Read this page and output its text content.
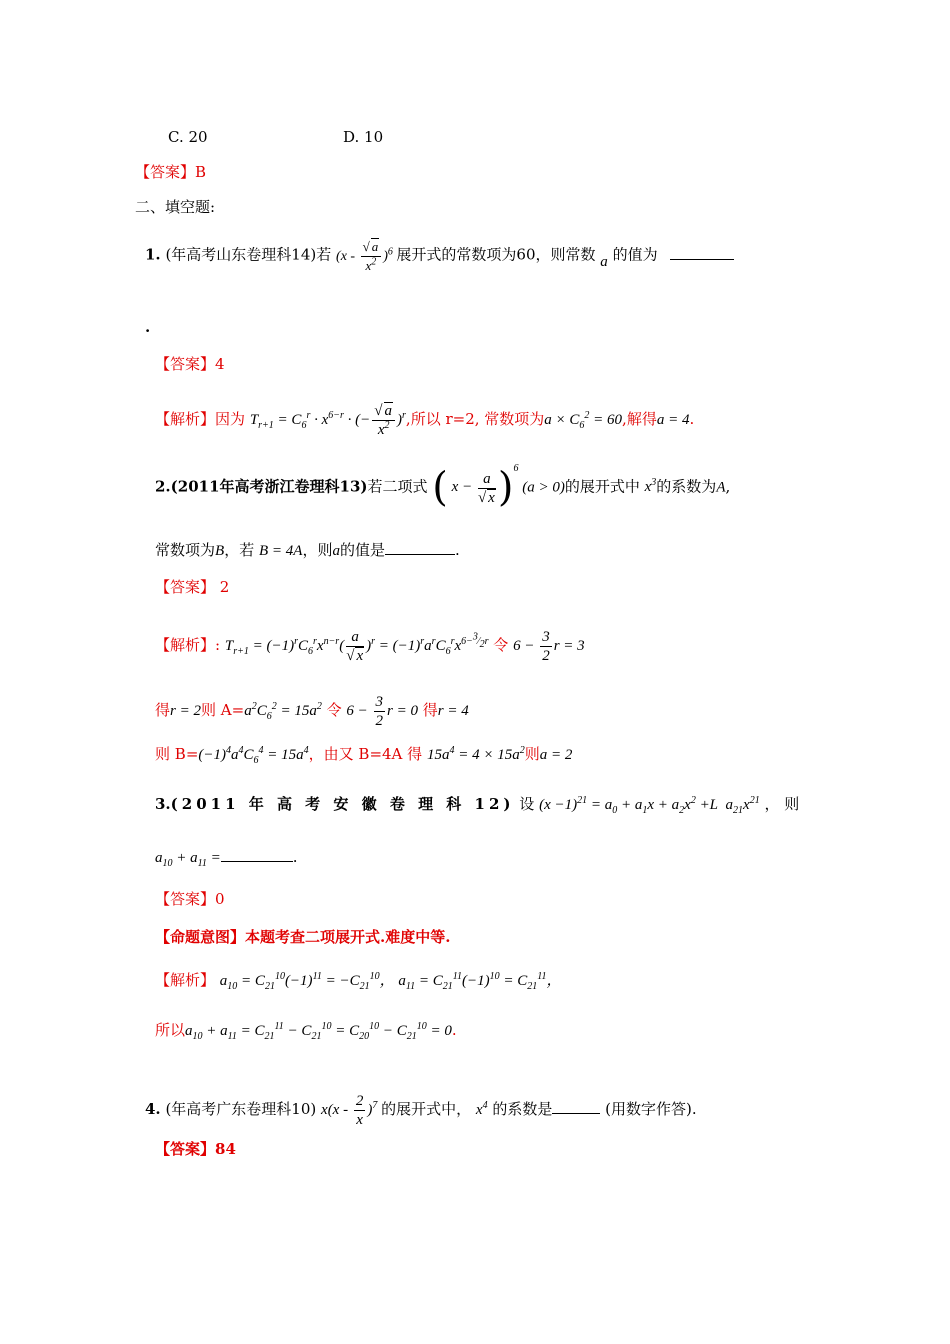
C. 20	D. 10
【答案】B
二、填空题:
1. (年高考山东卷理科14)若 $(x - \frac{√ a}{x^2} )^6$ 展开式的常数项为60，则常数 a 的值为
.
【答案】4
【解析】因为 $T_{r+1} = C_6^r \cdot x^{6-r}$ · (− $\frac{√ a}{x^2} )^r$,所以 r=2, 常数项为$a \times C_6^2 = 60$,解得a = 4.
2.(2011年高考浙江卷理科13)若二项式 ( $x - \frac{a}{√ x} )^6$ (a > 0)的展开式中 $x^3$的系数为A,
常数项为B，若 B = 4A，则a的值是	.
【答案】 2
【解析】: $T_{r+1} = (-1)^rC_6^rx^{n-r}( \frac{a}{√ x} )^r = (-1)^ra^rC_6^rx^{6-^3⁄_2r}$ 令 $6 - \frac{3}{2}$ r = 3
得r = 2则 $A=a^2C_6^2 = 15a^2$ 令 $6 - \frac{3}{2}$ r = 0 得r = 4
则 $B=(-1)^4a^4C_6^4 = 15a^4$，由又 B=4A 得 $15a^4 = 4 \times 15a^2$则a = 2
3.(2011 年 高 考 安 徽 卷 理 科 12) 设 $(x -1)^{21} = a_0 + a_1x + a_2x^2 +L$  $a_{21}x^{21}$ ， 则
$a_{10} + a_{11}$ =	.
【答案】0
【命题意图】本题考查二项展开式.难度中等.
【解析】 $a_{10} = C_{21}^{10}(-1)^{11} = -C_{21}^{10}$， $a_{11} = C_{21}^{11}(-1)^{10} = C_{21}^{11}$，
所以$a_{10} + a_{11} = C_{21}^{11} - C_{21}^{10} = C_{20}^{10} - C_{21}^{10} = 0$.
4. (年高考广东卷理科10) $x(x - \frac{2}{x} )^7$ 的展开式中， $x^4$ 的系数是	(用数字作答).
【答案】84
